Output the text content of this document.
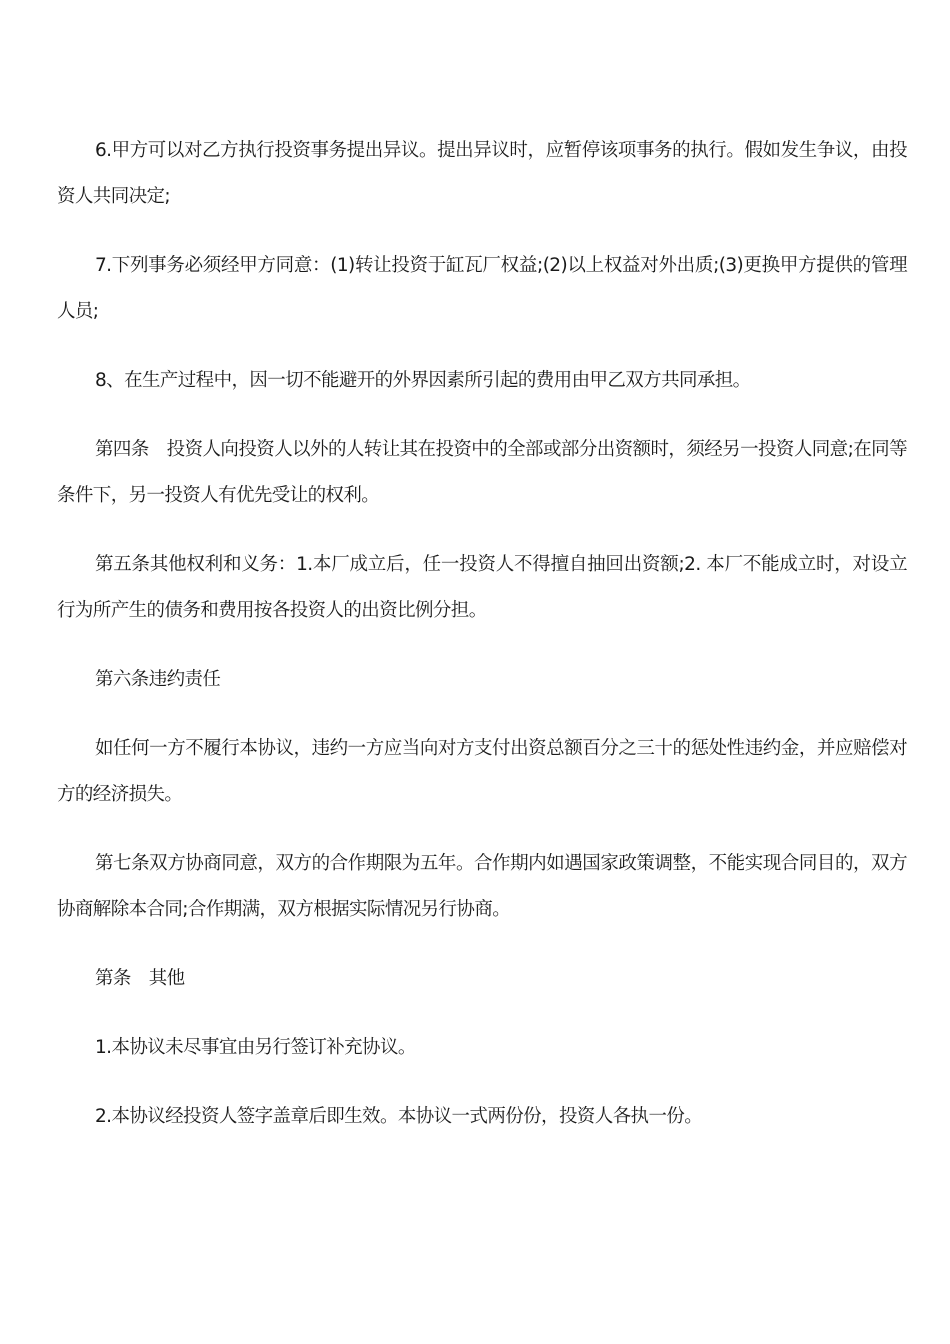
6.甲方可以对乙方执行投资事务提出异议。提出异议时，应暂停该项事务的执行。假如发生争议，由投资人共同决定;

7.下列事务必须经甲方同意：(1)转让投资于缸瓦厂权益;(2)以上权益对外出质;(3)更换甲方提供的管理人员;

8、在生产过程中，因一切不能避开的外界因素所引起的费用由甲乙双方共同承担。

第四条　投资人向投资人以外的人转让其在投资中的全部或部分出资额时，须经另一投资人同意;在同等条件下，另一投资人有优先受让的权利。

第五条其他权利和义务：1.本厂成立后，任一投资人不得擅自抽回出资额;2. 本厂不能成立时，对设立行为所产生的债务和费用按各投资人的出资比例分担。

第六条违约责任

如任何一方不履行本协议，违约一方应当向对方支付出资总额百分之三十的惩处性违约金，并应赔偿对方的经济损失。

第七条双方协商同意，双方的合作期限为五年。合作期内如遇国家政策调整，不能实现合同目的，双方协商解除本合同;合作期满，双方根据实际情况另行协商。

第条　其他

1.本协议未尽事宜由另行签订补充协议。

2.本协议经投资人签字盖章后即生效。本协议一式两份份，投资人各执一份。
